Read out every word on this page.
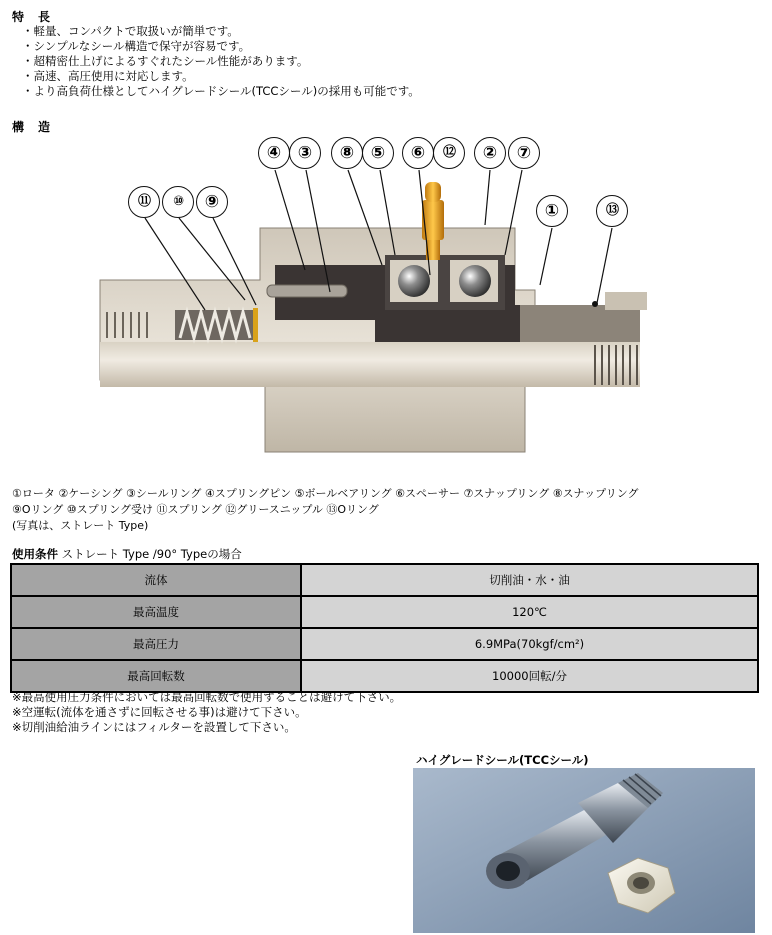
特長
・軽量、コンパクトで取扱いが簡単です。
・シンプルなシール構造で保守が容易です。
・超精密仕上げによるすぐれたシール性能があります。
・高速、高圧使用に対応します。
・より高負荷仕様としてハイグレードシール(TCCシール)の採用も可能です。
構造
④ ③	⑧ ⑤	⑥	⑫	②	⑦
⑪	⑩	⑨	①	⑬
①ロータ ②ケーシング ③シールリング ④スプリングピン ⑤ボールベアリング ⑥スペーサー ⑦スナップリング ⑧スナップリング
⑨Oリング ⑩スプリング受け ⑪スプリング ⑫グリースニップル ⑬Oリング
(写真は、ストレート Type)
使用条件 ストレート Type /90° Typeの場合
流体	切削油・水・油
最高温度	120℃
最高圧力	6.9MPa(70kgf/cm²)
最高回転数	10000回転/分
※最高使用圧力条件においては最高回転数で使用することは避けて下さい。
※空運転(流体を通さずに回転させる事)は避けて下さい。
※切削油給油ラインにはフィルターを設置して下さい。
ハイグレードシール(TCCシール)
